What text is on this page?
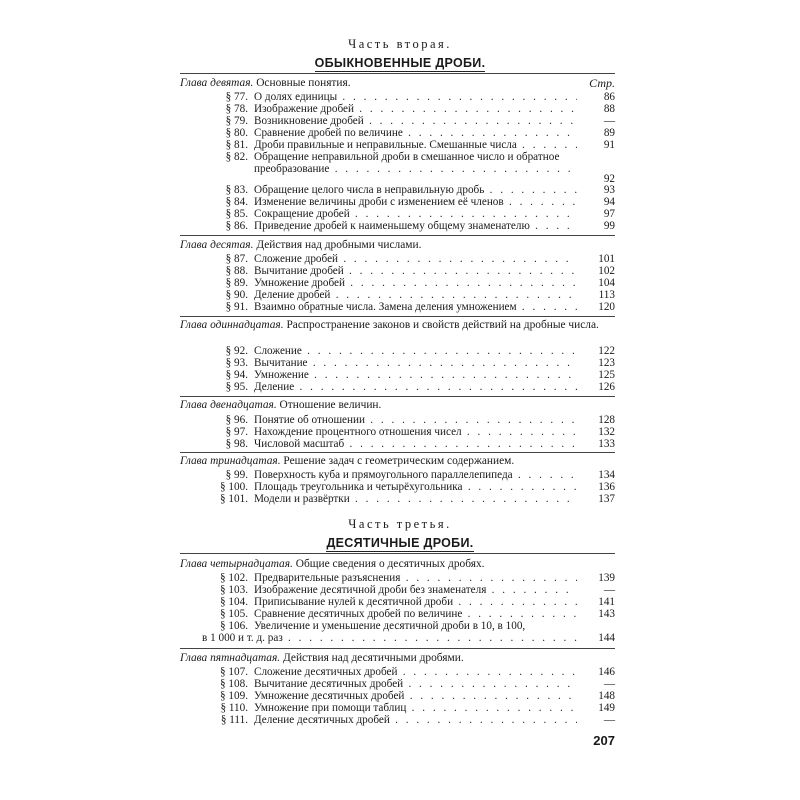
Часть вторая.
ОБЫКНОВЕННЫЕ ДРОБИ.
Глава девятая. Основные понятия.	Стр.
§ 77. О долях единицы . . .	86
§ 78. Изображение дробей . . .	88
§ 79. Возникновение дробей . . .	—
§ 80. Сравнение дробей по величине . . .	89
§ 81. Дроби правильные и неправильные. Смешанные числа . . .	91
§ 82. Обращение неправильной дроби в смешанное число и обратное
преобразование . . .
92
§ 83. Обращение целого числа в неправильную дробь . . .	93
§ 84. Изменение величины дроби с изменением её членов . . .	94
§ 85. Сокращение дробей . . .	97
§ 86. Приведение дробей к наименьшему общему знаменателю . . .	99
Глава десятая. Действия над дробными числами.
§ 87. Сложение дробей . . .	101
§ 88. Вычитание дробей . . .	102
§ 89. Умножение дробей . . .	104
§ 90. Деление дробей . . .	113
§ 91. Взаимно обратные числа. Замена деления умножением . . .	120
Глава одиннадцатая. Распространение законов и свойств действий на дробные числа.
§ 92. Сложение . . .	122
§ 93. Вычитание . . .	123
§ 94. Умножение . . .	125
§ 95. Деление . . .	126
Глава двенадцатая. Отношение величин.
§ 96. Понятие об отношении . . .	128
§ 97. Нахождение процентного отношения чисел . . .	132
§ 98. Числовой масштаб . . .	133
Глава тринадцатая. Решение задач с геометрическим содержанием.
§ 99. Поверхность куба и прямоугольного параллелепипеда . . .	134
§ 100. Площадь треугольника и четырёхугольника . . .	136
§ 101. Модели и развёртки . . .	137
Часть третья.
ДЕСЯТИЧНЫЕ ДРОБИ.
Глава четырнадцатая. Общие сведения о десятичных дробях.
§ 102. Предварительные разъяснения . . .	139
§ 103. Изображение десятичной дроби без знаменателя . . .	—
§ 104. Приписывание нулей к десятичной дроби . . .	141
§ 105. Сравнение десятичных дробей по величине . . .	143
§ 106. Увеличение и уменьшение десятичной дроби в 10, в 100,
в 1 000 и т. д. раз . . .	144
Глава пятнадцатая. Действия над десятичными дробями.
§ 107. Сложение десятичных дробей . . .	146
§ 108. Вычитание десятичных дробей . . .	—
§ 109. Умножение десятичных дробей . . .	148
§ 110. Умножение при помощи таблиц . . .	149
§ 111. Деление десятичных дробей . . .	—
207
